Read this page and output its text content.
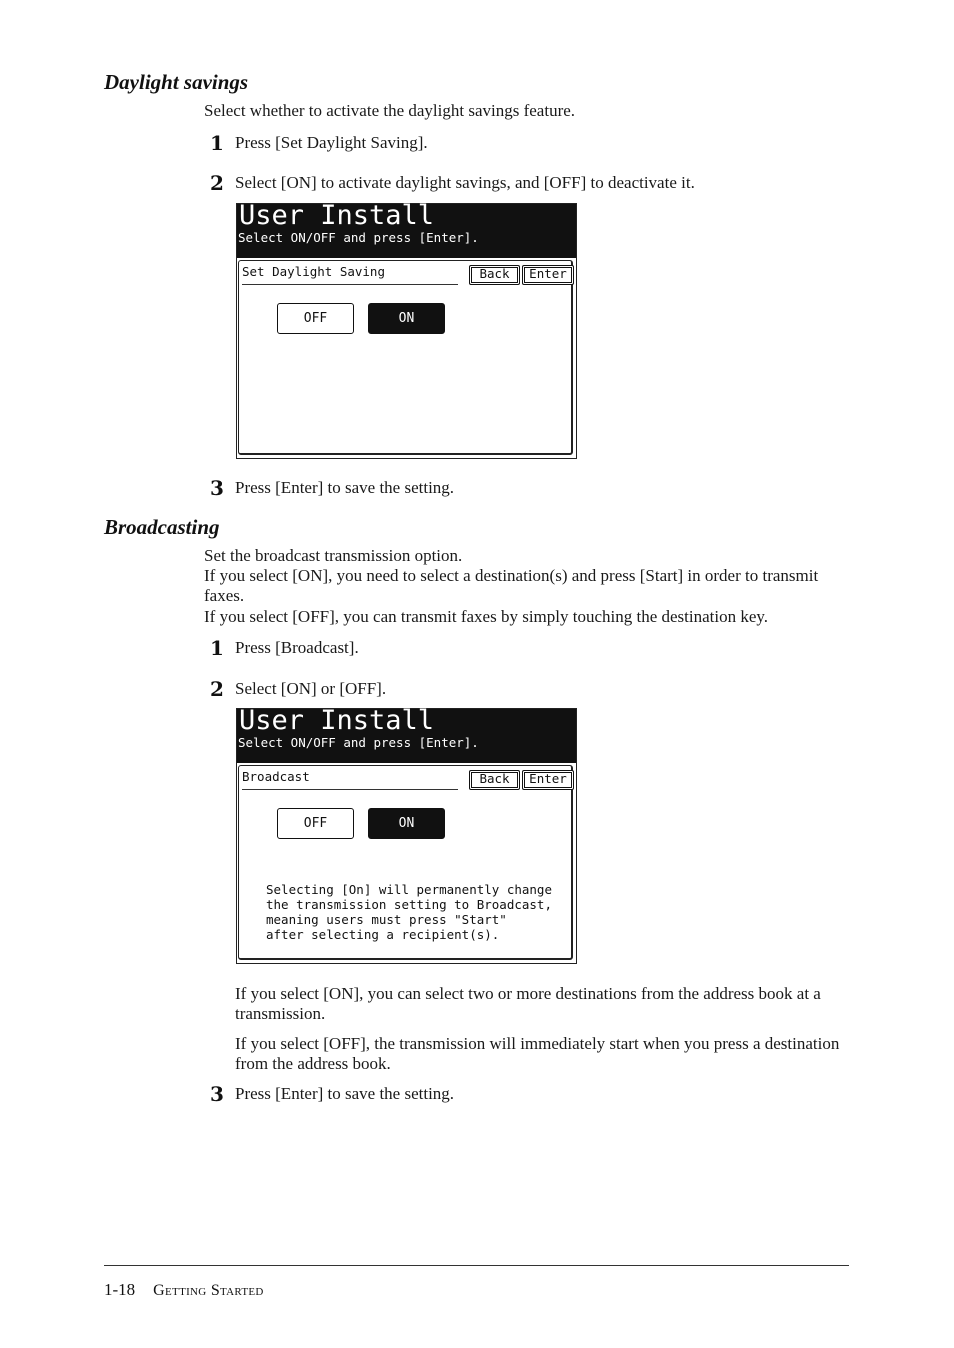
Daylight savings
Select whether to activate the daylight savings feature.
1 Press [Set Daylight Saving].
2 Select [ON] to activate daylight savings, and [OFF] to deactivate it.
User Install
Select ON/OFF and press [Enter].
Set Daylight Saving	Back	Enter
OFF	ON
3 Press [Enter] to save the setting.
Broadcasting
Set the broadcast transmission option.
If you select [ON], you need to select a destination(s) and press [Start] in order to transmit faxes.
If you select [OFF], you can transmit faxes by simply touching the destination key.
1 Press [Broadcast].
2 Select [ON] or [OFF].
User Install
Select ON/OFF and press [Enter].
Broadcast	Back	Enter
OFF	ON
Selecting [On] will permanently change
the transmission setting to Broadcast,
meaning users must press "Start"
after selecting a recipient(s).
If you select [ON], you can select two or more destinations from the address book at a transmission.
If you select [OFF], the transmission will immediately start when you press a destination from the address book.
3 Press [Enter] to save the setting.
1-18 Getting Started
